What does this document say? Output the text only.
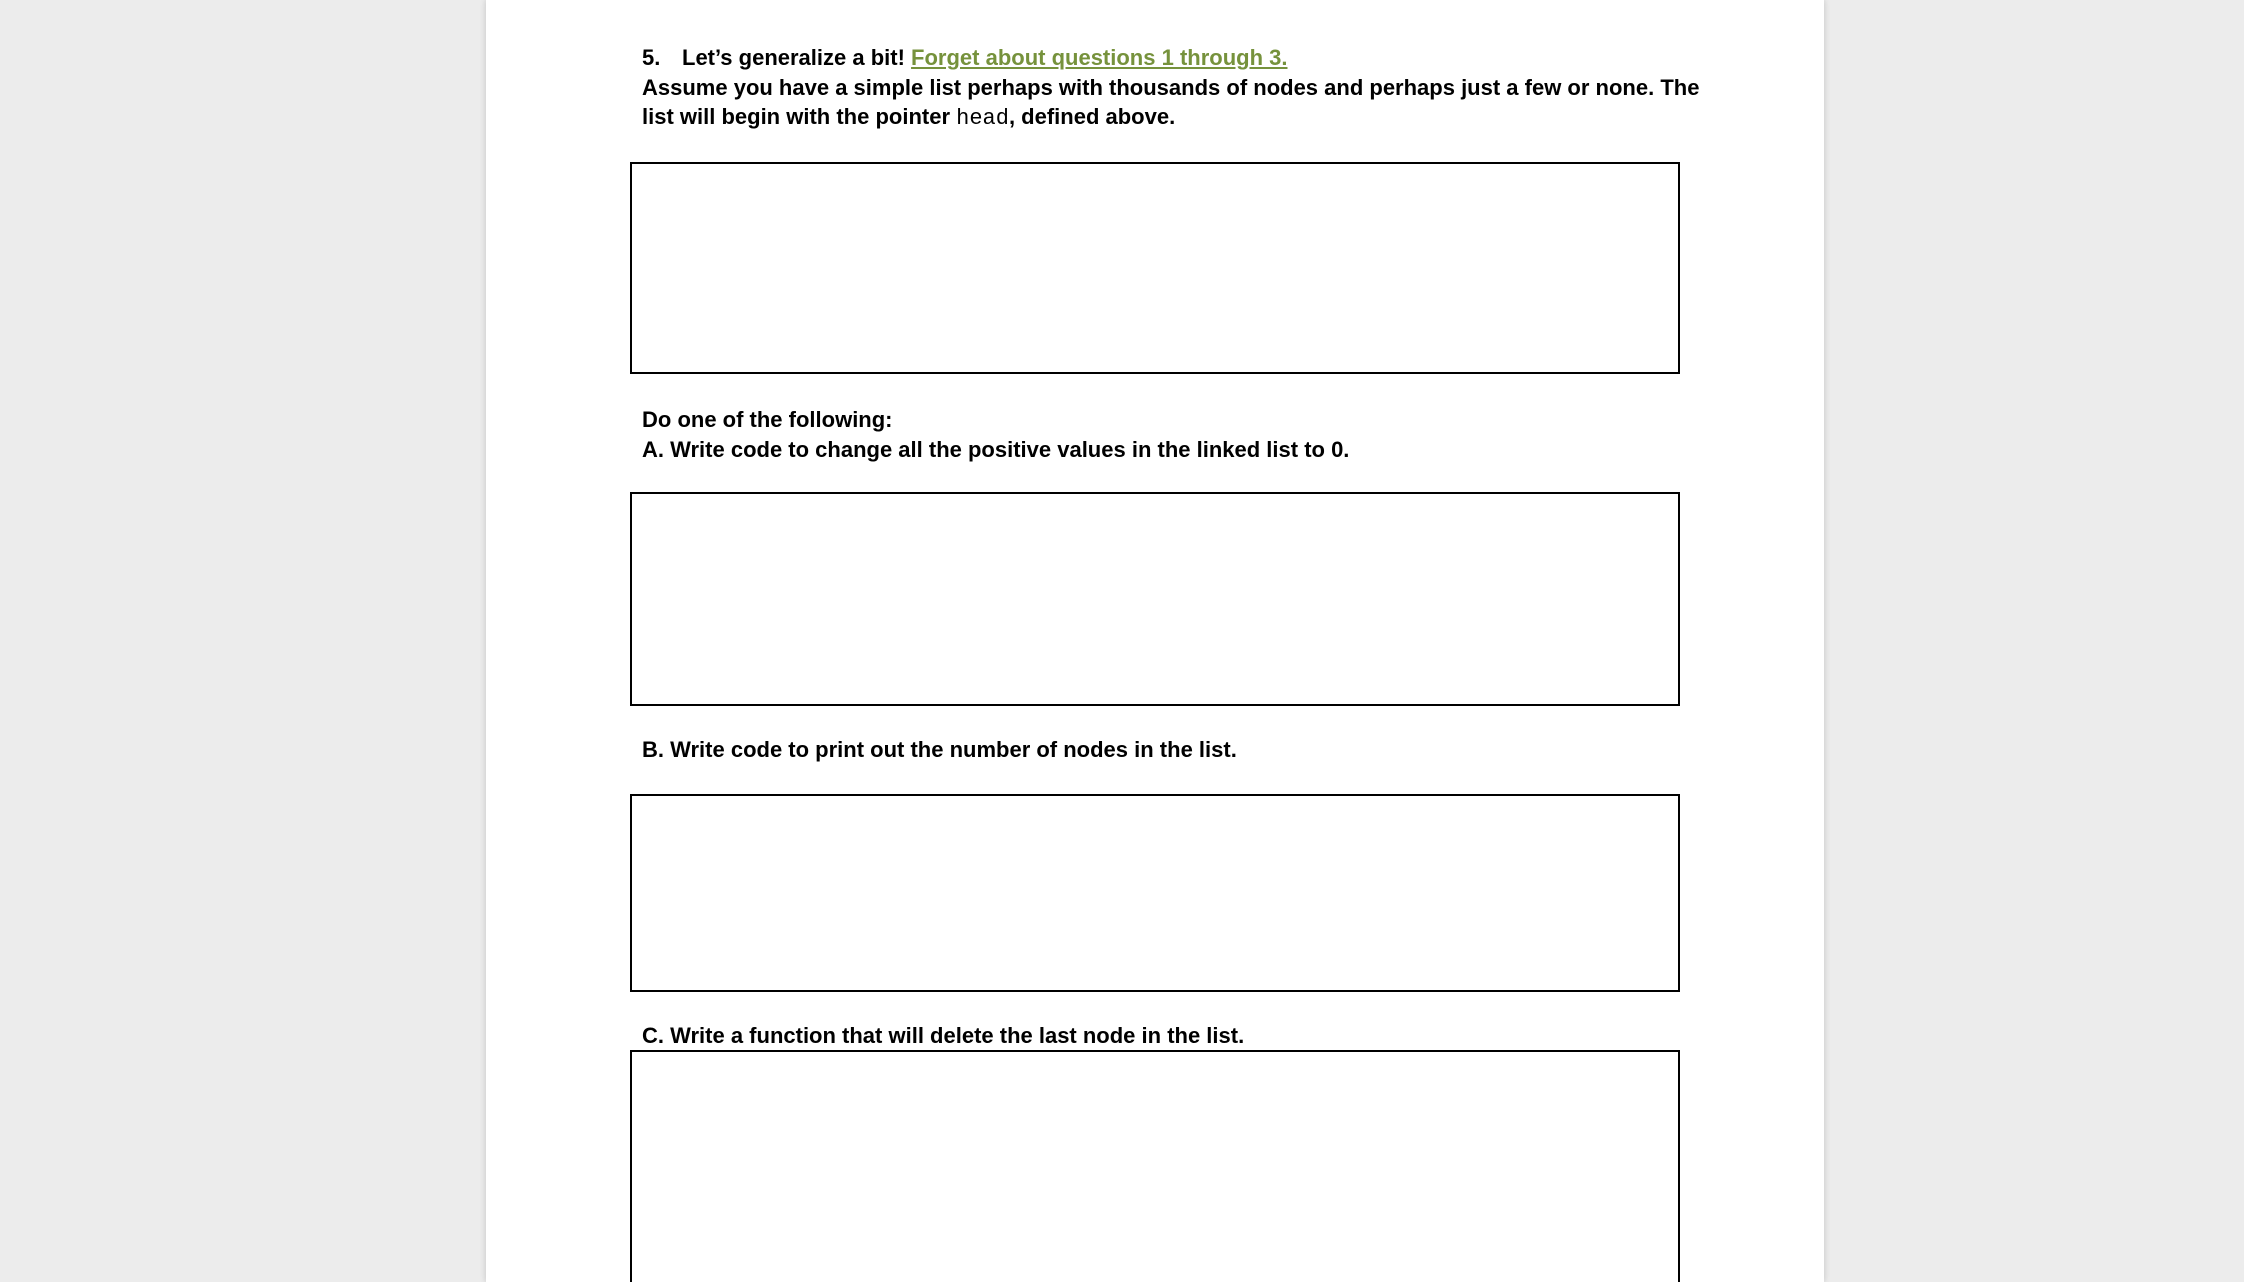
5. Let’s generalize a bit! Forget about questions 1 through 3.
Assume you have a simple list perhaps with thousands of nodes and perhaps just a few or none. The
list will begin with the pointer head, defined above.
Do one of the following:
A. Write code to change all the positive values in the linked list to 0.
B. Write code to print out the number of nodes in the list.
C. Write a function that will delete the last node in the list.
